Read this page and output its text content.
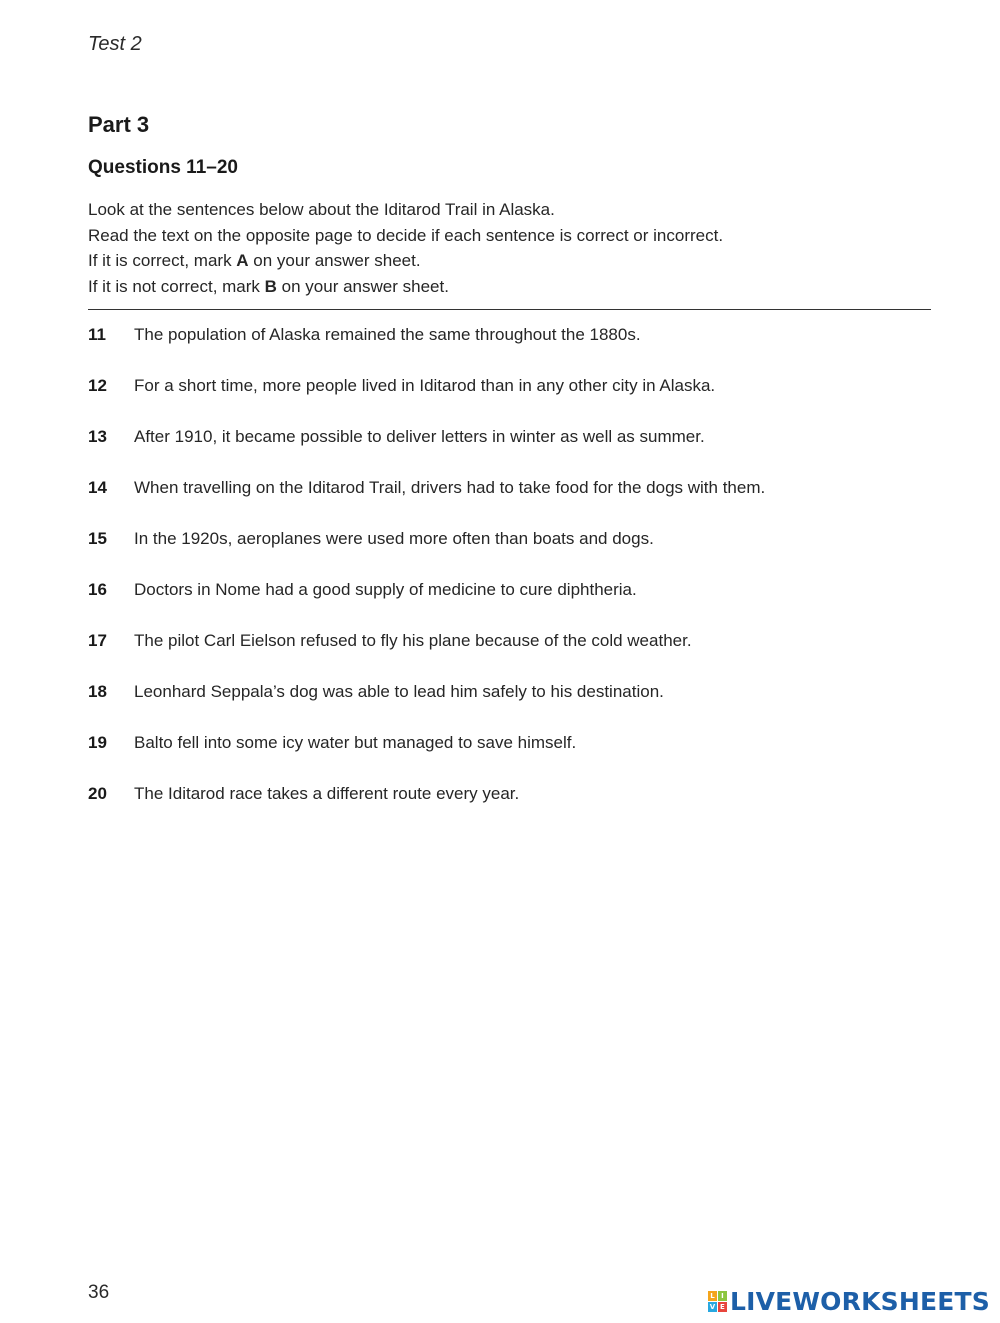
Test 2
Part 3
Questions 11–20
Look at the sentences below about the Iditarod Trail in Alaska.
Read the text on the opposite page to decide if each sentence is correct or incorrect.
If it is correct, mark A on your answer sheet.
If it is not correct, mark B on your answer sheet.
11	The population of Alaska remained the same throughout the 1880s.
12	For a short time, more people lived in Iditarod than in any other city in Alaska.
13	After 1910, it became possible to deliver letters in winter as well as summer.
14	When travelling on the Iditarod Trail, drivers had to take food for the dogs with them.
15	In the 1920s, aeroplanes were used more often than boats and dogs.
16	Doctors in Nome had a good supply of medicine to cure diphtheria.
17	The pilot Carl Eielson refused to fly his plane because of the cold weather.
18	Leonhard Seppala’s dog was able to lead him safely to his destination.
19	Balto fell into some icy water but managed to save himself.
20	The Iditarod race takes a different route every year.
36	L I
V E LIVEWORKSHEETS
